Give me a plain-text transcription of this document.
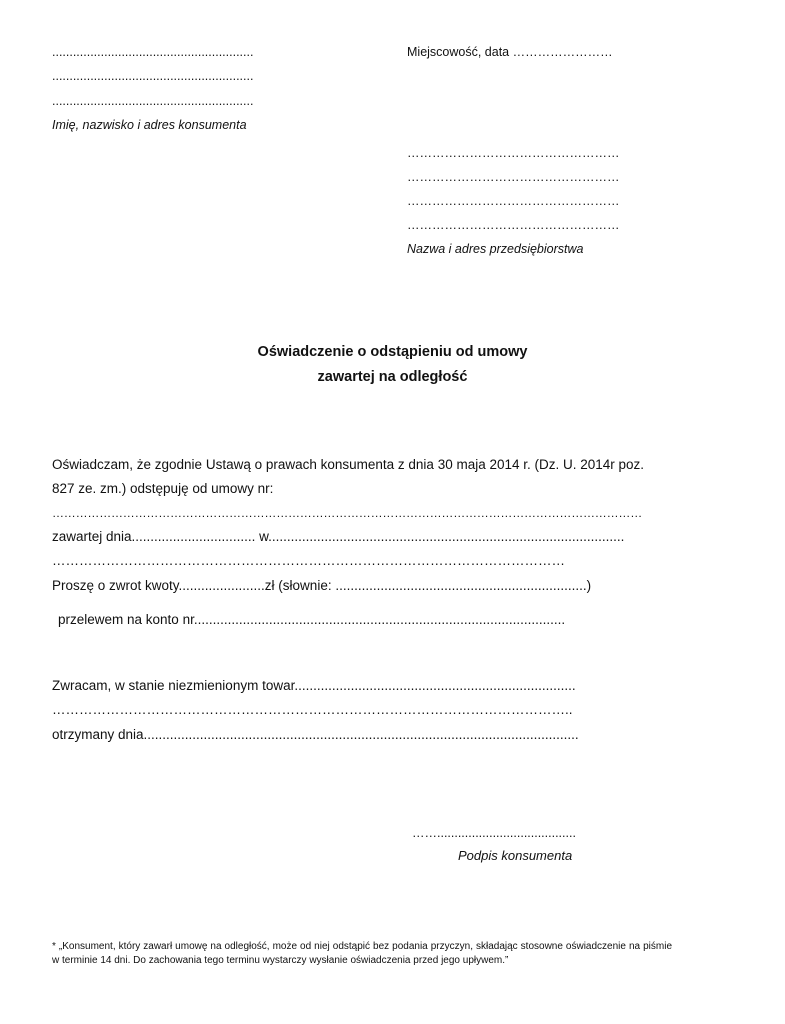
..........................................................
..........................................................
..........................................................
Imię, nazwisko i adres konsumenta
Miejscowość, data ……………………
……………………………………………
……………………………………………
……………………………………………
……………………………………………
Nazwa i adres przedsiębiorstwa
Oświadczenie o odstąpieniu od umowy
zawartej na odległość
Oświadczam, że zgodnie Ustawą o prawach konsumenta z dnia 30 maja 2014 r. (Dz. U. 2014r poz.
827 ze. zm.) odstępuję od umowy nr:
……………………………………………………………………………………………………………………………………
zawartej dnia................................. w...............................................................................................
……………………………………………………………………………………………………
Proszę o zwrot kwoty.......................zł (słownie: ...................................................................)
przelewem na konto nr...................................................................................................
Zwracam, w stanie niezmienionym towar...........................................................................
……………………………………………………………………………………………………..
otrzymany dnia....................................................................................................................
……........................................
Podpis konsumenta
* „Konsument, który zawarł umowę na odległość, może od niej odstąpić bez podania przyczyn, składając stosowne oświadczenie na piśmie w terminie 14 dni. Do zachowania tego terminu wystarczy wysłanie oświadczenia przed jego upływem.”
